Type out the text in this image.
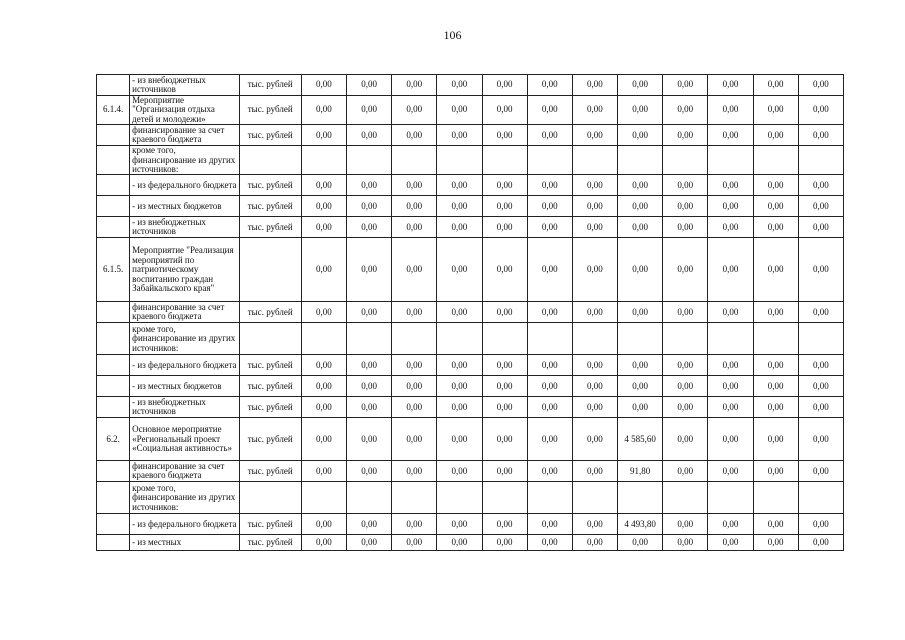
106
	- из внебюджетных источников	тыс. рублей	0,00	0,00	0,00	0,00	0,00	0,00	0,00	0,00	0,00	0,00	0,00	0,00
6.1.4.	Мероприятие "Организация отдыха детей и молодежи»	тыс. рублей	0,00	0,00	0,00	0,00	0,00	0,00	0,00	0,00	0,00	0,00	0,00	0,00
	финансирование за счет краевого бюджета	тыс. рублей	0,00	0,00	0,00	0,00	0,00	0,00	0,00	0,00	0,00	0,00	0,00	0,00
	кроме того, финансирование из других источников:													
	- из федерального бюджета	тыс. рублей	0,00	0,00	0,00	0,00	0,00	0,00	0,00	0,00	0,00	0,00	0,00	0,00
	- из местных бюджетов	тыс. рублей	0,00	0,00	0,00	0,00	0,00	0,00	0,00	0,00	0,00	0,00	0,00	0,00
	- из внебюджетных источников	тыс. рублей	0,00	0,00	0,00	0,00	0,00	0,00	0,00	0,00	0,00	0,00	0,00	0,00
6.1.5.	Мероприятие "Реализация мероприятий по патриотическому воспитанию граждан Забайкальского края"		0,00	0,00	0,00	0,00	0,00	0,00	0,00	0,00	0,00	0,00	0,00	0,00
	финансирование за счет краевого бюджета	тыс. рублей	0,00	0,00	0,00	0,00	0,00	0,00	0,00	0,00	0,00	0,00	0,00	0,00
	кроме того, финансирование из других источников:													
	- из федерального бюджета	тыс. рублей	0,00	0,00	0,00	0,00	0,00	0,00	0,00	0,00	0,00	0,00	0,00	0,00
	- из местных бюджетов	тыс. рублей	0,00	0,00	0,00	0,00	0,00	0,00	0,00	0,00	0,00	0,00	0,00	0,00
	- из внебюджетных источников	тыс. рублей	0,00	0,00	0,00	0,00	0,00	0,00	0,00	0,00	0,00	0,00	0,00	0,00
6.2.	Основное мероприятие «Региональный проект «Социальная активность»	тыс. рублей	0,00	0,00	0,00	0,00	0,00	0,00	0,00	4 585,60	0,00	0,00	0,00	0,00
	финансирование за счет краевого бюджета	тыс. рублей	0,00	0,00	0,00	0,00	0,00	0,00	0,00	91,80	0,00	0,00	0,00	0,00
	кроме того, финансирование из других источников:													
	- из федерального бюджета	тыс. рублей	0,00	0,00	0,00	0,00	0,00	0,00	0,00	4 493,80	0,00	0,00	0,00	0,00
	- из местных	тыс. рублей	0,00	0,00	0,00	0,00	0,00	0,00	0,00	0,00	0,00	0,00	0,00	0,00
